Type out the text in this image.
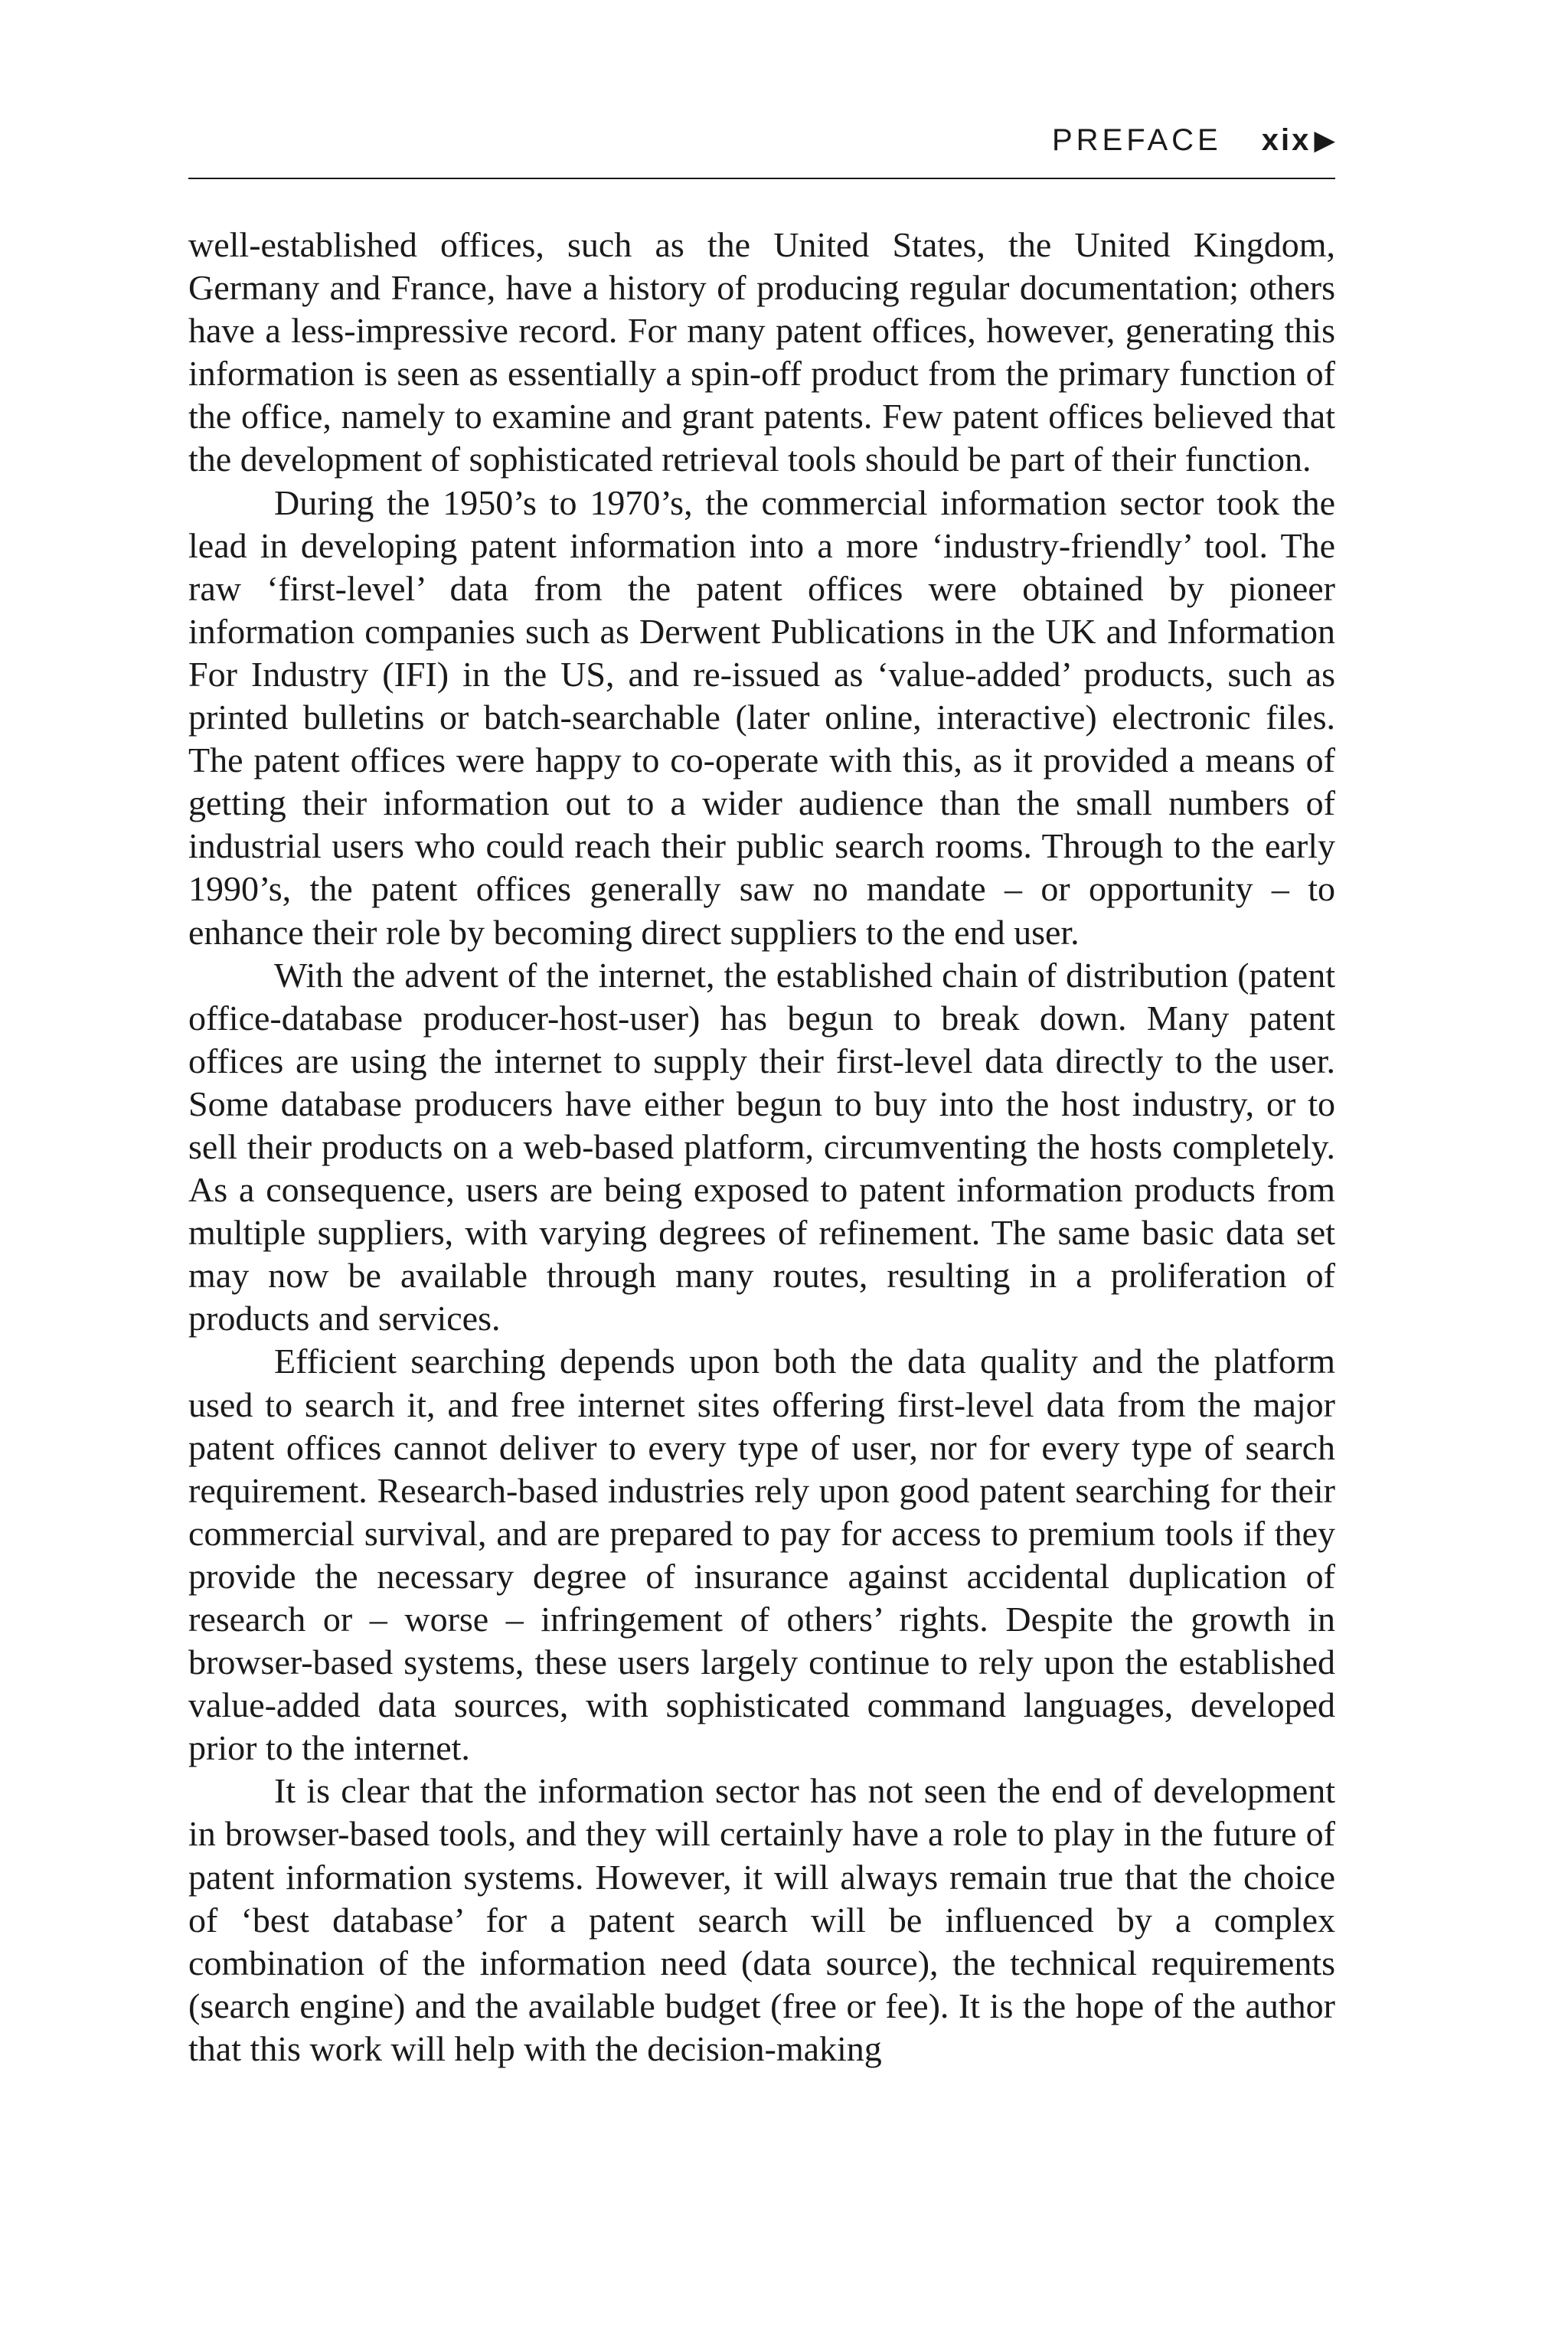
PREFACE xix ▶

well-established offices, such as the United States, the United Kingdom, Germany and France, have a history of producing regular documentation; others have a less-impressive record. For many patent offices, however, generating this information is seen as essentially a spin-off product from the primary function of the office, namely to examine and grant patents. Few patent offices believed that the development of sophisticated retrieval tools should be part of their function.

During the 1950’s to 1970’s, the commercial information sector took the lead in developing patent information into a more ‘industry-friendly’ tool. The raw ‘first-level’ data from the patent offices were obtained by pioneer information companies such as Derwent Publications in the UK and Information For Industry (IFI) in the US, and re-issued as ‘value-added’ products, such as printed bulletins or batch-searchable (later online, interactive) electronic files. The patent offices were happy to co-operate with this, as it provided a means of getting their information out to a wider audience than the small numbers of industrial users who could reach their public search rooms. Through to the early 1990’s, the patent offices generally saw no mandate – or opportunity – to enhance their role by becoming direct suppliers to the end user.

With the advent of the internet, the established chain of distribution (patent office-database producer-host-user) has begun to break down. Many patent offices are using the internet to supply their first-level data directly to the user. Some database producers have either begun to buy into the host industry, or to sell their products on a web-based platform, circumventing the hosts completely. As a consequence, users are being exposed to patent information products from multiple suppliers, with varying degrees of refinement. The same basic data set may now be available through many routes, resulting in a proliferation of products and services.

Efficient searching depends upon both the data quality and the platform used to search it, and free internet sites offering first-level data from the major patent offices cannot deliver to every type of user, nor for every type of search requirement. Research-based industries rely upon good patent searching for their commercial survival, and are prepared to pay for access to premium tools if they provide the necessary degree of insurance against accidental duplication of research or – worse – infringement of others’ rights. Despite the growth in browser-based systems, these users largely continue to rely upon the established value-added data sources, with sophisticated command languages, developed prior to the internet.

It is clear that the information sector has not seen the end of development in browser-based tools, and they will certainly have a role to play in the future of patent information systems. However, it will always remain true that the choice of ‘best database’ for a patent search will be influenced by a complex combination of the information need (data source), the technical requirements (search engine) and the available budget (free or fee). It is the hope of the author that this work will help with the decision-making
